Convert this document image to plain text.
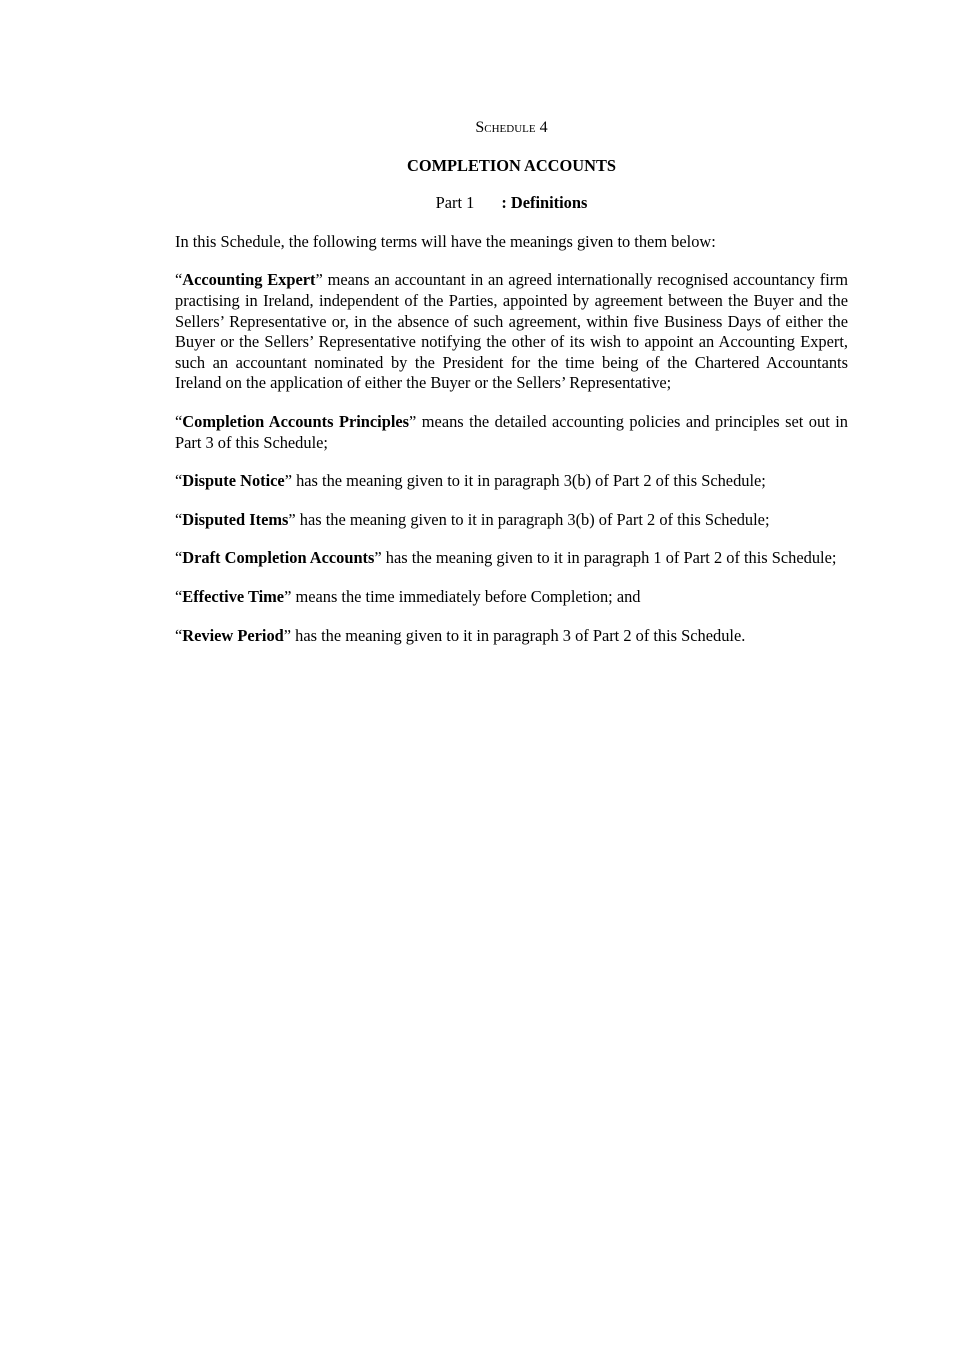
Schedule 4

COMPLETION ACCOUNTS

Part 1 : Definitions

In this Schedule, the following terms will have the meanings given to them below:

“Accounting Expert” means an accountant in an agreed internationally recognised accountancy firm practising in Ireland, independent of the Parties, appointed by agreement between the Buyer and the Sellers’ Representative or, in the absence of such agreement, within five Business Days of either the Buyer or the Sellers’ Representative notifying the other of its wish to appoint an Accounting Expert, such an accountant nominated by the President for the time being of the Chartered Accountants Ireland on the application of either the Buyer or the Sellers’ Representative;

“Completion Accounts Principles” means the detailed accounting policies and principles set out in Part 3 of this Schedule;

“Dispute Notice” has the meaning given to it in paragraph 3(b) of Part 2 of this Schedule;

“Disputed Items” has the meaning given to it in paragraph 3(b) of Part 2 of this Schedule;

“Draft Completion Accounts” has the meaning given to it in paragraph 1 of Part 2 of this Schedule;

“Effective Time” means the time immediately before Completion; and

“Review Period” has the meaning given to it in paragraph 3 of Part 2 of this Schedule.
